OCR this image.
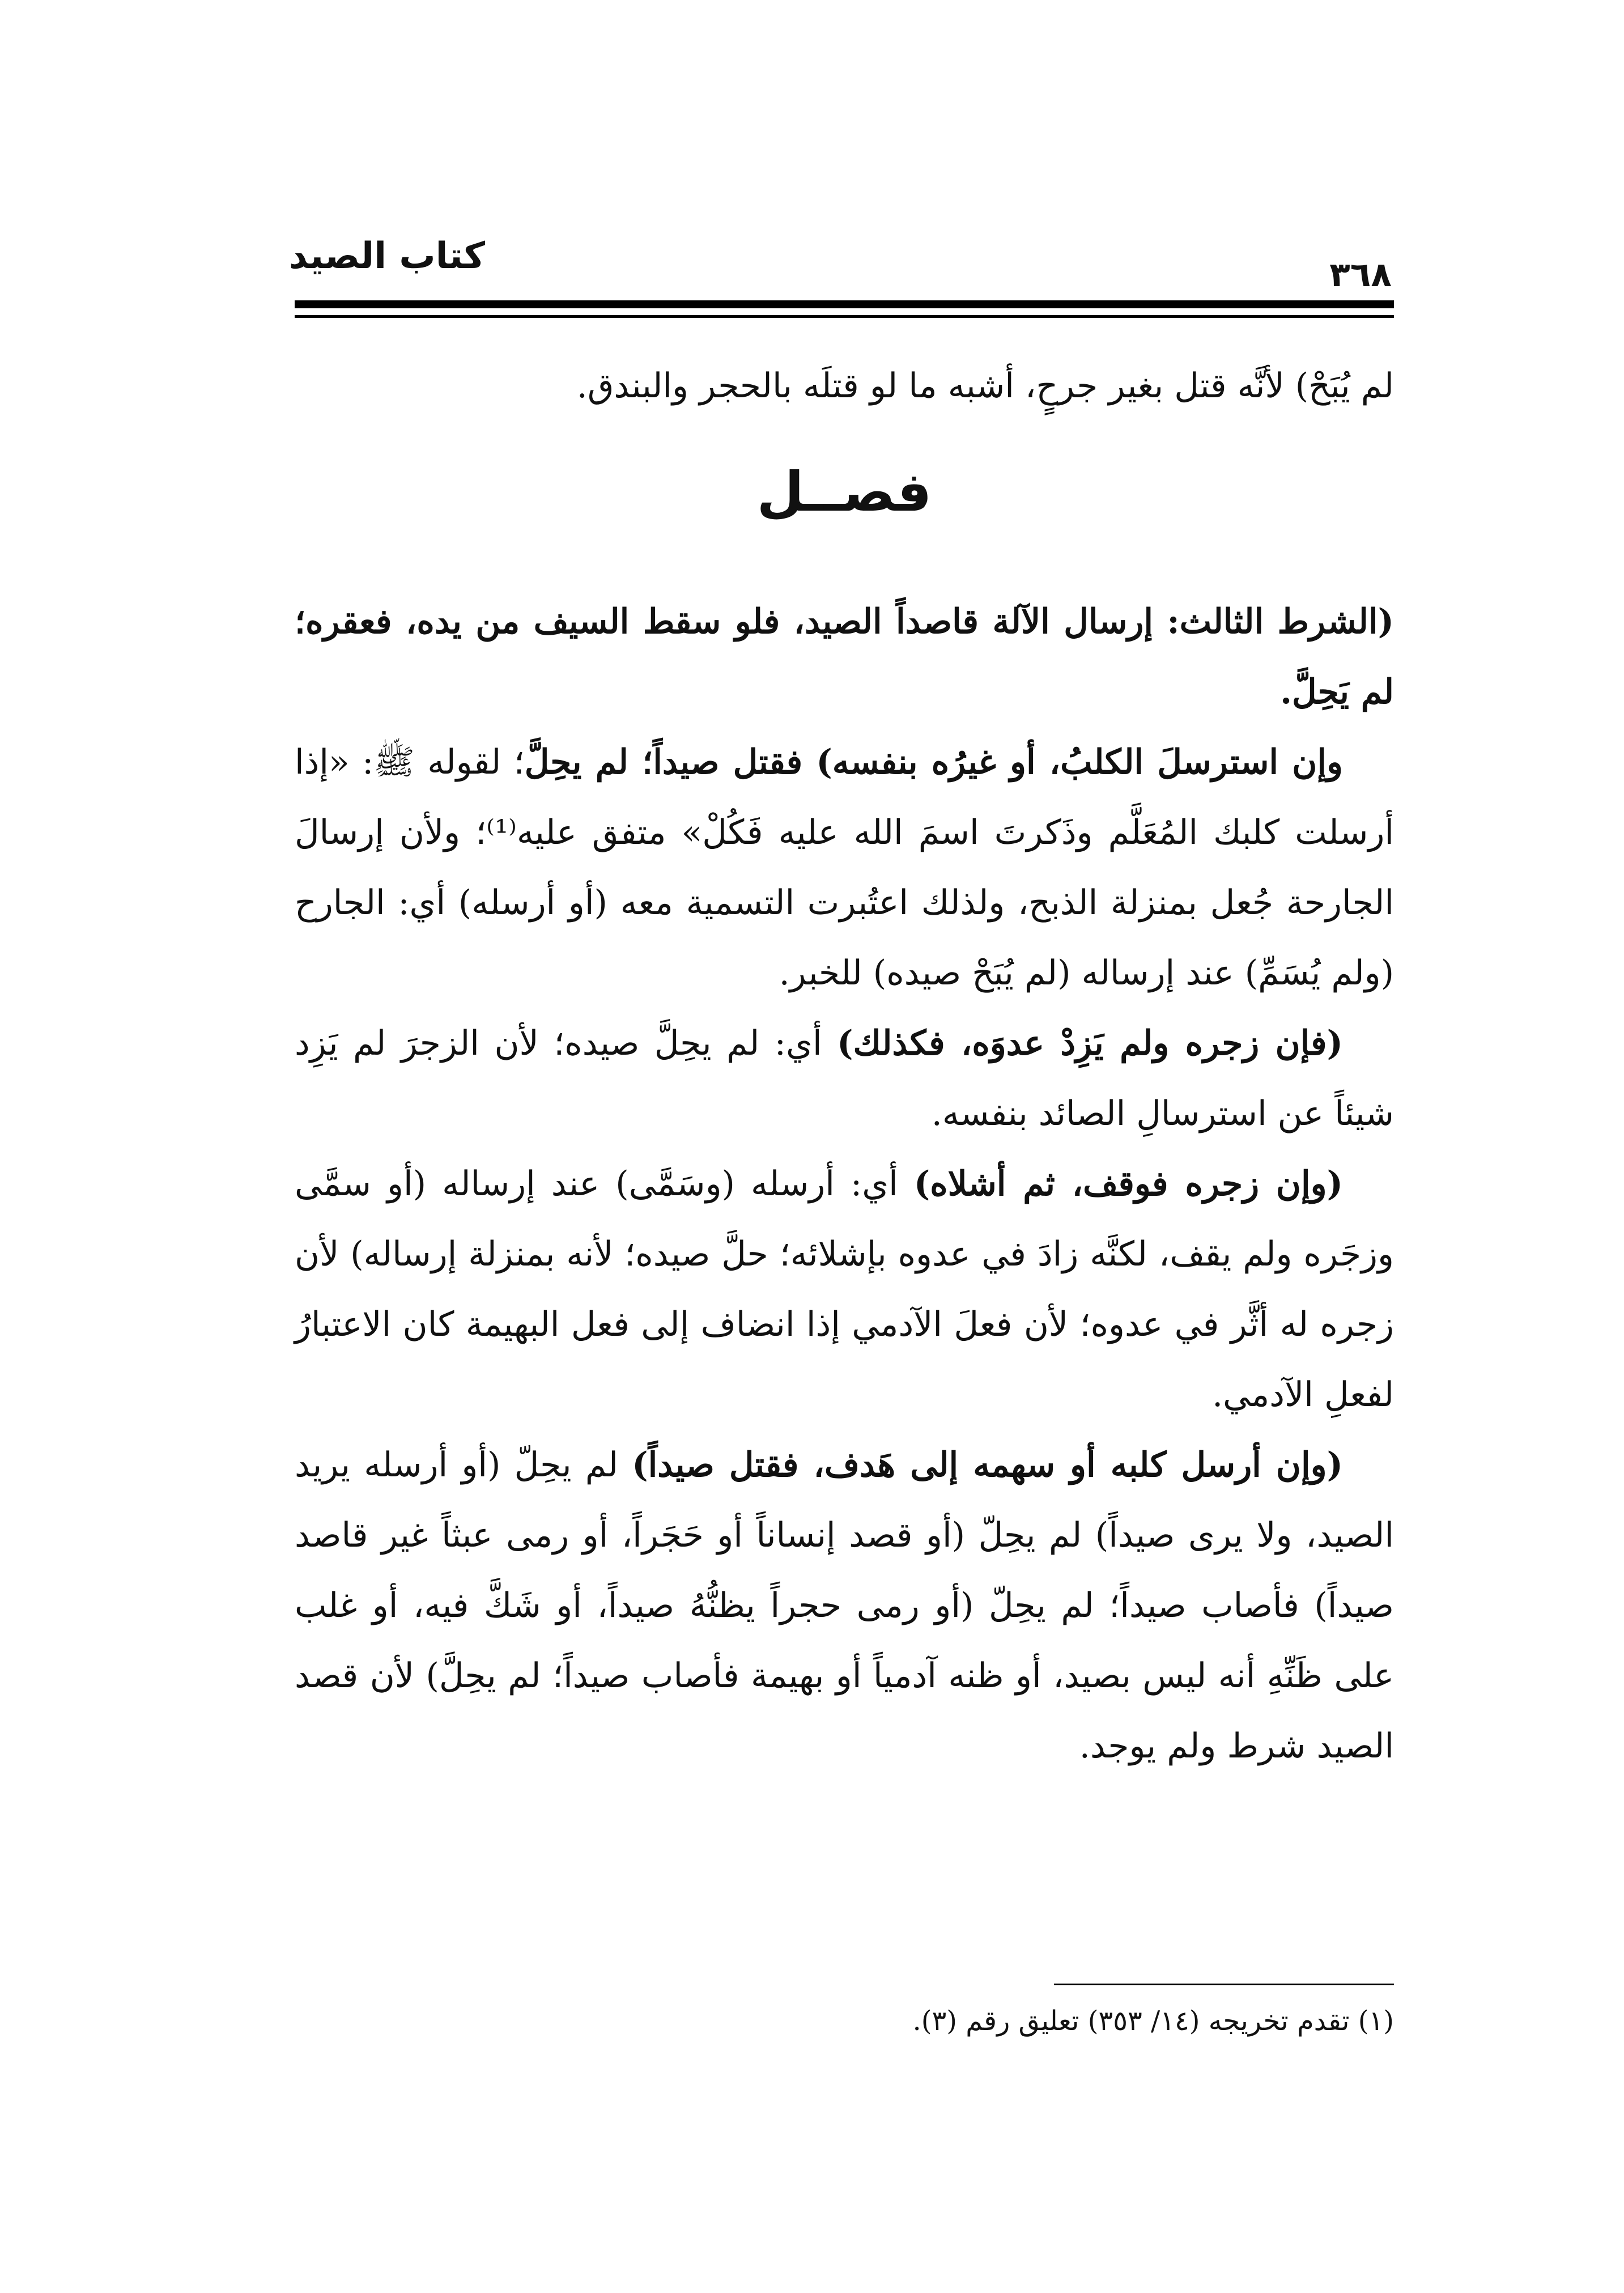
كتاب الصيد	٣٦٨

لم يُبَحْ) لأنَّه قتل بغير جرحٍ، أشبه ما لو قتلَه بالحجر والبندق.

فصــل

(الشرط الثالث: إرسال الآلة قاصداً الصيد، فلو سقط السيف من يده، فعقره؛ لم يَحِلَّ.

وإن استرسلَ الكلبُ، أو غيرُه بنفسه) فقتل صيداً؛ لم يحِلَّ؛ لقوله ﷺ: «إذا أرسلت كلبك المُعَلَّم وذَكرتَ اسمَ الله عليه فَكُلْ» متفق عليه⁽¹⁾؛ ولأن إرسالَ الجارحة جُعل بمنزلة الذبح، ولذلك اعتُبرت التسمية معه (أو أرسله) أي: الجارح (ولم يُسَمِّ) عند إرساله (لم يُبَحْ صيده) للخبر.

(فإن زجره ولم يَزِدْ عدوَه، فكذلك) أي: لم يحِلَّ صيده؛ لأن الزجرَ لم يَزِد شيئاً عن استرسالِ الصائد بنفسه.

(وإن زجره فوقف، ثم أشلاه) أي: أرسله (وسَمَّى) عند إرساله (أو سمَّى وزجَره ولم يقف، لكنَّه زادَ في عدوه بإشلائه؛ حلَّ صيده؛ لأنه بمنزلة إرساله) لأن زجره له أثَّر في عدوه؛ لأن فعلَ الآدمي إذا انضاف إلى فعل البهيمة كان الاعتبارُ لفعلِ الآدمي.

(وإن أرسل كلبه أو سهمه إلى هَدف، فقتل صيداً) لم يحِلّ (أو أرسله يريد الصيد، ولا يرى صيداً) لم يحِلّ (أو قصد إنساناً أو حَجَراً، أو رمى عبثاً غير قاصد صيداً) فأصاب صيداً؛ لم يحِلّ (أو رمى حجراً يظنُّهُ صيداً، أو شَكَّ فيه، أو غلب على ظَنِّهِ أنه ليس بصيد، أو ظنه آدمياً أو بهيمة فأصاب صيداً؛ لم يحِلَّ) لأن قصد الصيد شرط ولم يوجد.

(١) تقدم تخريجه (١٤/ ٣٥٣) تعليق رقم (٣).
